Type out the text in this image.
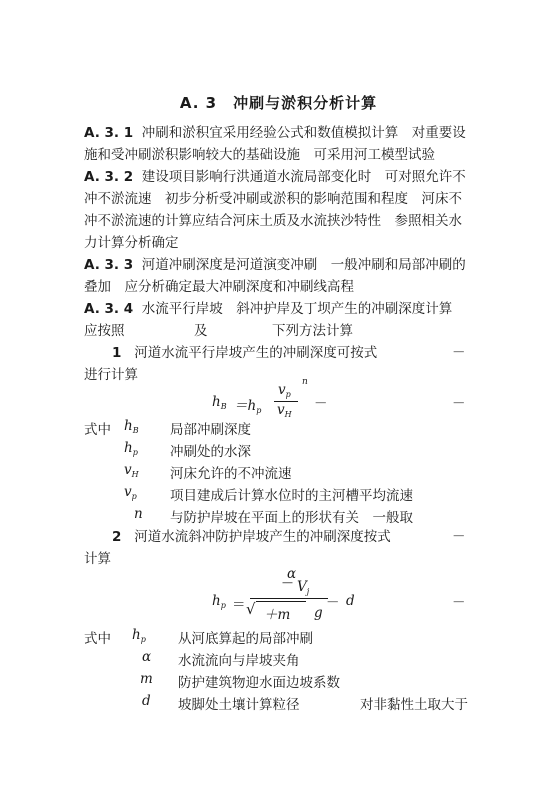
A. 3　冲刷与淤积分析计算
A. 3. 1 冲刷和淤积宜采用经验公式和数值模拟计算　对重要设
施和受冲刷淤积影响较大的基础设施　可采用河工模型试验
A. 3. 2 建设项目影响行洪通道水流局部变化时　可对照允许不
冲不淤流速　初步分析受冲刷或淤积的影响范围和程度　河床不
冲不淤流速的计算应结合河床土质及水流挟沙特性　参照相关水
力计算分析确定
A. 3. 3 河道冲刷深度是河道演变冲刷　一般冲刷和局部冲刷的
叠加　应分析确定最大冲刷深度和冲刷线高程
A. 3. 4 水流平行岸坡　斜冲护岸及丁坝产生的冲刷深度计算
应按照	及	下列方法计算
1 河道水流平行岸坡产生的冲刷深度可按式	－
进行计算
$h_B =h_p$
$v_p$
$v_H$
n
－	－
式中 $h_B$ 局部冲刷深度
$h_p$ 冲刷处的水深
$v_H$ 河床允许的不冲流速
$v_p$ 项目建成后计算水位时的主河槽平均流速
n 与防护岸坡在平面上的形状有关　一般取
2 河道水流斜冲防护岸坡产生的冲刷深度按式	－
计算
$h_p$ ＝
α
— $V_j$
√ ＋m g
－ d	－
式中 $h_p$ 从河底算起的局部冲刷
α 水流流向与岸坡夹角
m 防护建筑物迎水面边坡系数
d 坡脚处土壤计算粒径	对非黏性土取大于
